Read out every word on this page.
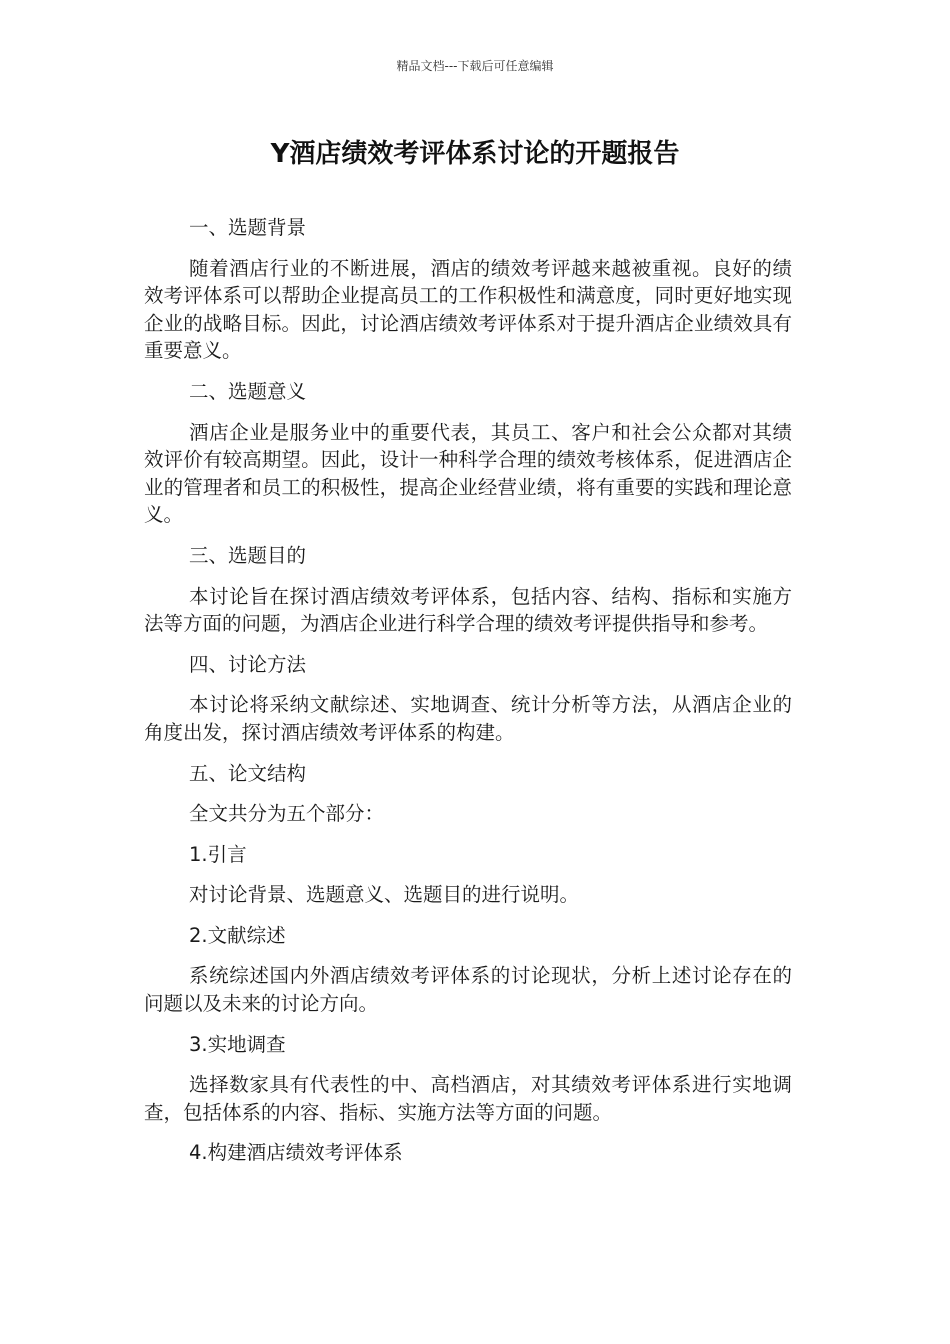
精品文档---下载后可任意编辑
Y酒店绩效考评体系讨论的开题报告

一、选题背景

随着酒店行业的不断进展，酒店的绩效考评越来越被重视。良好的绩效考评体系可以帮助企业提高员工的工作积极性和满意度，同时更好地实现企业的战略目标。因此，讨论酒店绩效考评体系对于提升酒店企业绩效具有重要意义。

二、选题意义

酒店企业是服务业中的重要代表，其员工、客户和社会公众都对其绩效评价有较高期望。因此，设计一种科学合理的绩效考核体系，促进酒店企业的管理者和员工的积极性，提高企业经营业绩，将有重要的实践和理论意义。

三、选题目的

本讨论旨在探讨酒店绩效考评体系，包括内容、结构、指标和实施方法等方面的问题，为酒店企业进行科学合理的绩效考评提供指导和参考。

四、讨论方法

本讨论将采纳文献综述、实地调查、统计分析等方法，从酒店企业的角度出发，探讨酒店绩效考评体系的构建。

五、论文结构

全文共分为五个部分：

1.引言

对讨论背景、选题意义、选题目的进行说明。

2.文献综述

系统综述国内外酒店绩效考评体系的讨论现状，分析上述讨论存在的问题以及未来的讨论方向。

3.实地调查

选择数家具有代表性的中、高档酒店，对其绩效考评体系进行实地调查，包括体系的内容、指标、实施方法等方面的问题。

4.构建酒店绩效考评体系
